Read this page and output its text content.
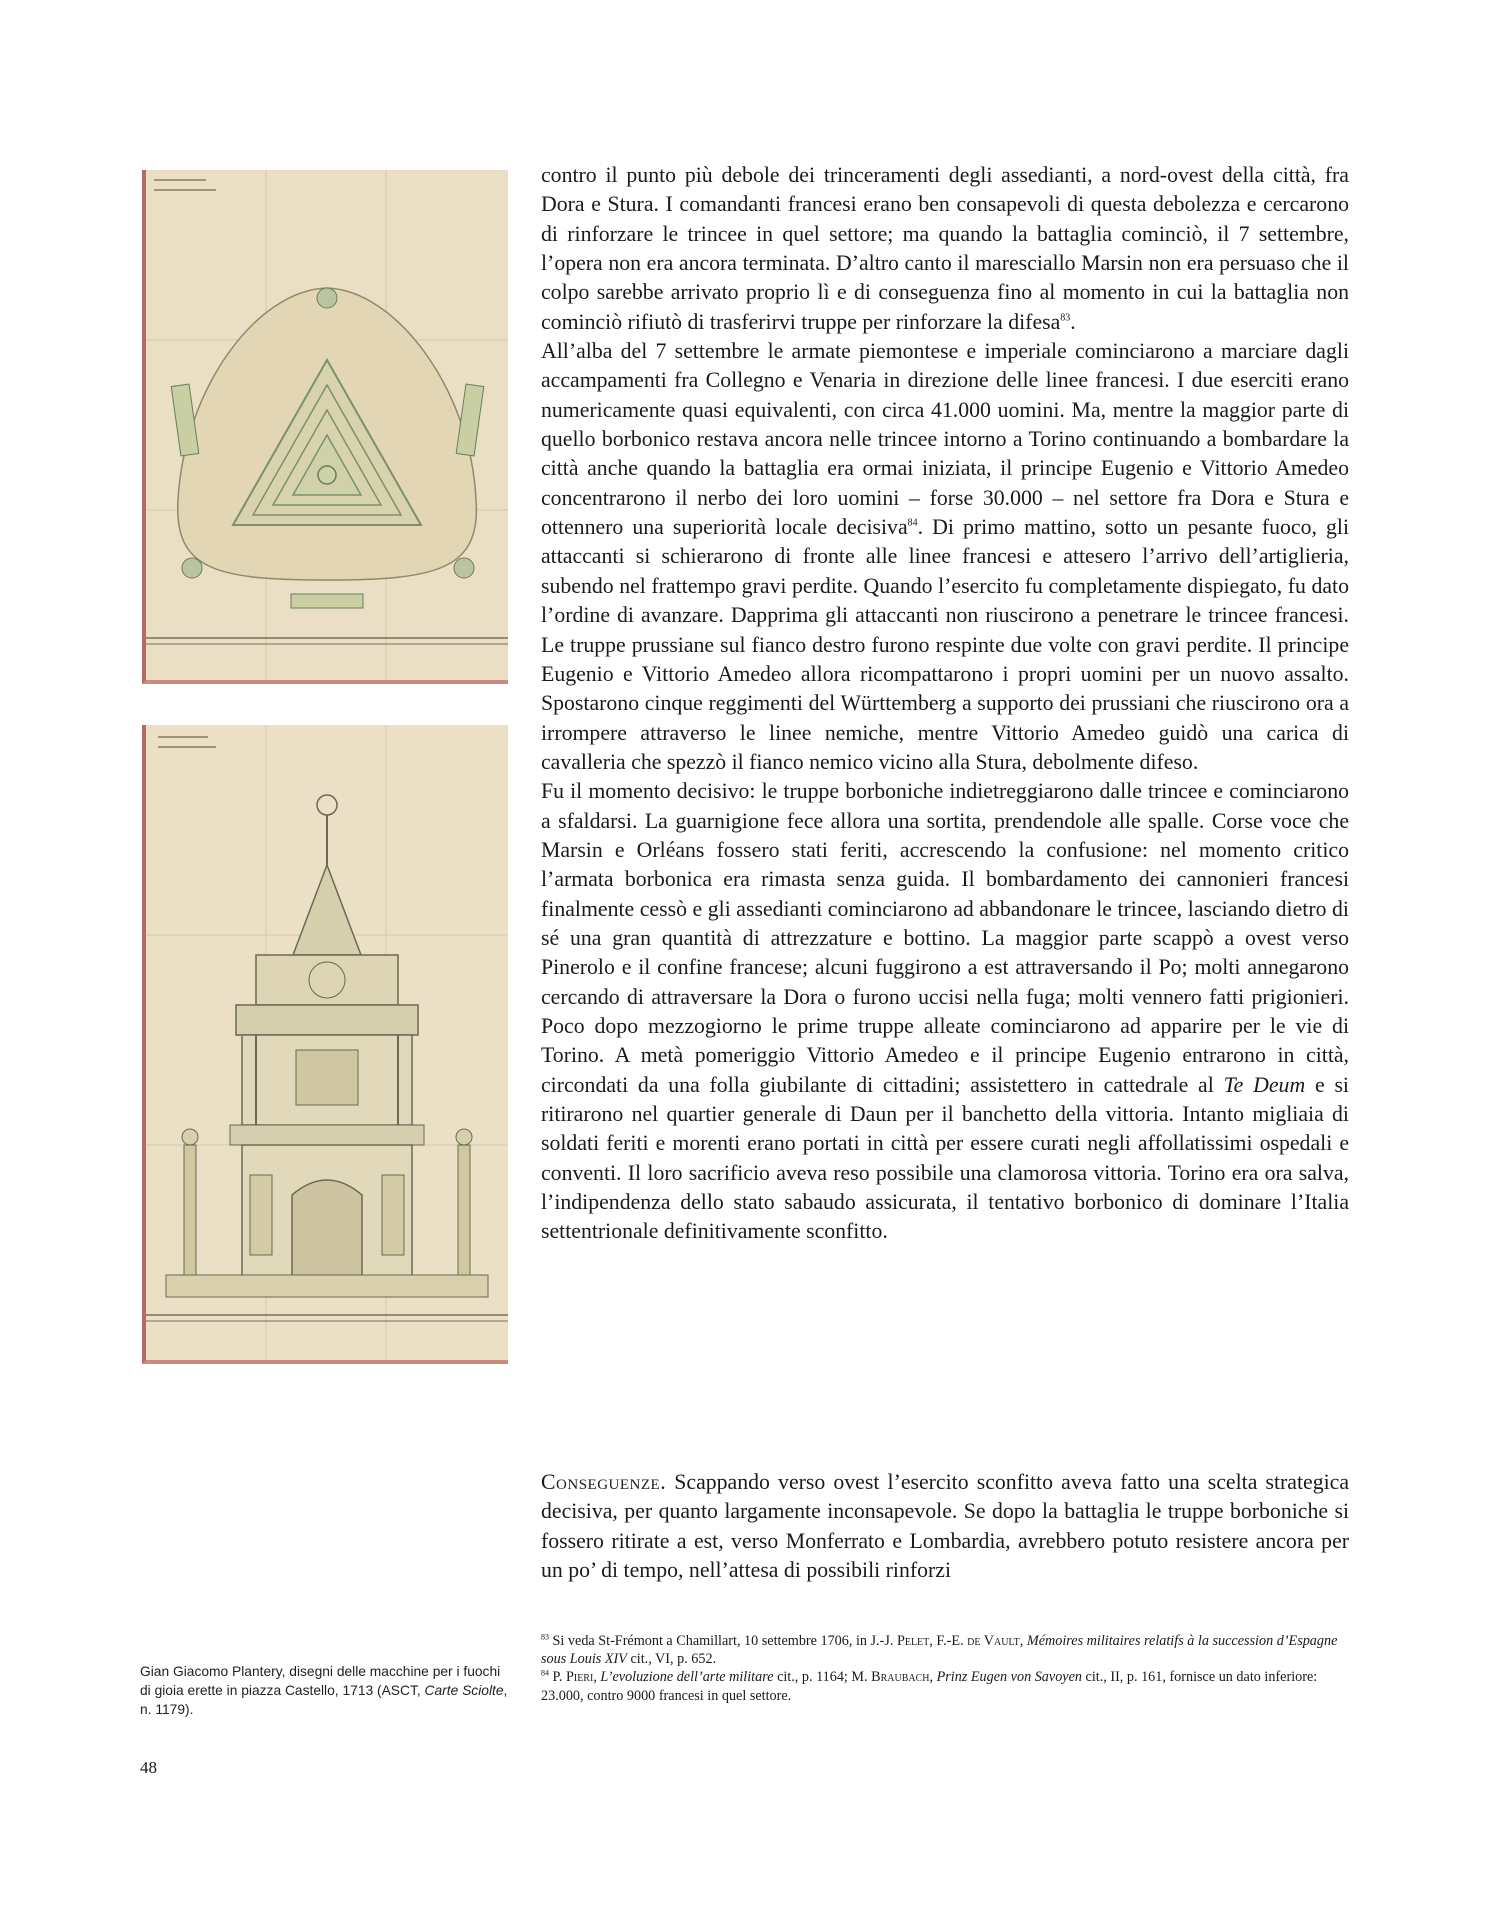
contro il punto più debole dei trinceramenti degli assedianti, a nord-ovest della città, fra Dora e Stura. I comandanti francesi erano ben consapevoli di questa debolezza e cercarono di rinforzare le trincee in quel settore; ma quando la battaglia cominciò, il 7 settembre, l’opera non era ancora terminata. D’altro canto il maresciallo Marsin non era persuaso che il colpo sarebbe arrivato proprio lì e di conseguenza fino al momento in cui la battaglia non cominciò rifiutò di trasferirvi truppe per rinforzare la difesa$^{83}$.

All’alba del 7 settembre le armate piemontese e imperiale cominciarono a marciare dagli accampamenti fra Collegno e Venaria in direzione delle linee francesi. I due eserciti erano numericamente quasi equivalenti, con circa 41.000 uomini. Ma, mentre la maggior parte di quello borbonico restava ancora nelle trincee intorno a Torino continuando a bombardare la città anche quando la battaglia era ormai iniziata, il principe Eugenio e Vittorio Amedeo concentrarono il nerbo dei loro uomini – forse 30.000 – nel settore fra Dora e Stura e ottennero una superiorità locale decisiva$^{84}$. Di primo mattino, sotto un pesante fuoco, gli attaccanti si schierarono di fronte alle linee francesi e attesero l’arrivo dell’artiglieria, subendo nel frattempo gravi perdite. Quando l’esercito fu completamente dispiegato, fu dato l’ordine di avanzare. Dapprima gli attaccanti non riuscirono a penetrare le trincee francesi. Le truppe prussiane sul fianco destro furono respinte due volte con gravi perdite. Il principe Eugenio e Vittorio Amedeo allora ricompattarono i propri uomini per un nuovo assalto. Spostarono cinque reggimenti del Württemberg a supporto dei prussiani che riuscirono ora a irrompere attraverso le linee nemiche, mentre Vittorio Amedeo guidò una carica di cavalleria che spezzò il fianco nemico vicino alla Stura, debolmente difeso.

Fu il momento decisivo: le truppe borboniche indietreggiarono dalle trincee e cominciarono a sfaldarsi. La guarnigione fece allora una sortita, prendendole alle spalle. Corse voce che Marsin e Orléans fossero stati feriti, accrescendo la confusione: nel momento critico l’armata borbonica era rimasta senza guida. Il bombardamento dei cannonieri francesi finalmente cessò e gli assedianti cominciarono ad abbandonare le trincee, lasciando dietro di sé una gran quantità di attrezzature e bottino. La maggior parte scappò a ovest verso Pinerolo e il confine francese; alcuni fuggirono a est attraversando il Po; molti annegarono cercando di attraversare la Dora o furono uccisi nella fuga; molti vennero fatti prigionieri. Poco dopo mezzogiorno le prime truppe alleate cominciarono ad apparire per le vie di Torino. A metà pomeriggio Vittorio Amedeo e il principe Eugenio entrarono in città, circondati da una folla giubilante di cittadini; assistettero in cattedrale al Te Deum e si ritirarono nel quartier generale di Daun per il banchetto della vittoria. Intanto migliaia di soldati feriti e morenti erano portati in città per essere curati negli affollatissimi ospedali e conventi. Il loro sacrificio aveva reso possibile una clamorosa vittoria. Torino era ora salva, l’indipendenza dello stato sabaudo assicurata, il tentativo borbonico di dominare l’Italia settentrionale definitivamente sconfitto.

Conseguenze. Scappando verso ovest l’esercito sconfitto aveva fatto una scelta strategica decisiva, per quanto largamente inconsapevole. Se dopo la battaglia le truppe borboniche si fossero ritirate a est, verso Monferrato e Lombardia, avrebbero potuto resistere ancora per un po’ di tempo, nell’attesa di possibili rinforzi

Gian Giacomo Plantery, disegni delle macchine per i fuochi di gioia erette in piazza Castello, 1713 (ASCT, Carte Sciolte, n. 1179).

$^{83}$ Si veda St-Frémont a Chamillart, 10 settembre 1706, in J.-J. Pelet, F.-E. de Vault, Mémoires militaires relatifs à la succession d’Espagne sous Louis XIV cit., VI, p. 652.

$^{84}$ P. Pieri, L’evoluzione dell’arte militare cit., p. 1164; M. Braubach, Prinz Eugen von Savoyen cit., II, p. 161, fornisce un dato inferiore: 23.000, contro 9000 francesi in quel settore.

48
